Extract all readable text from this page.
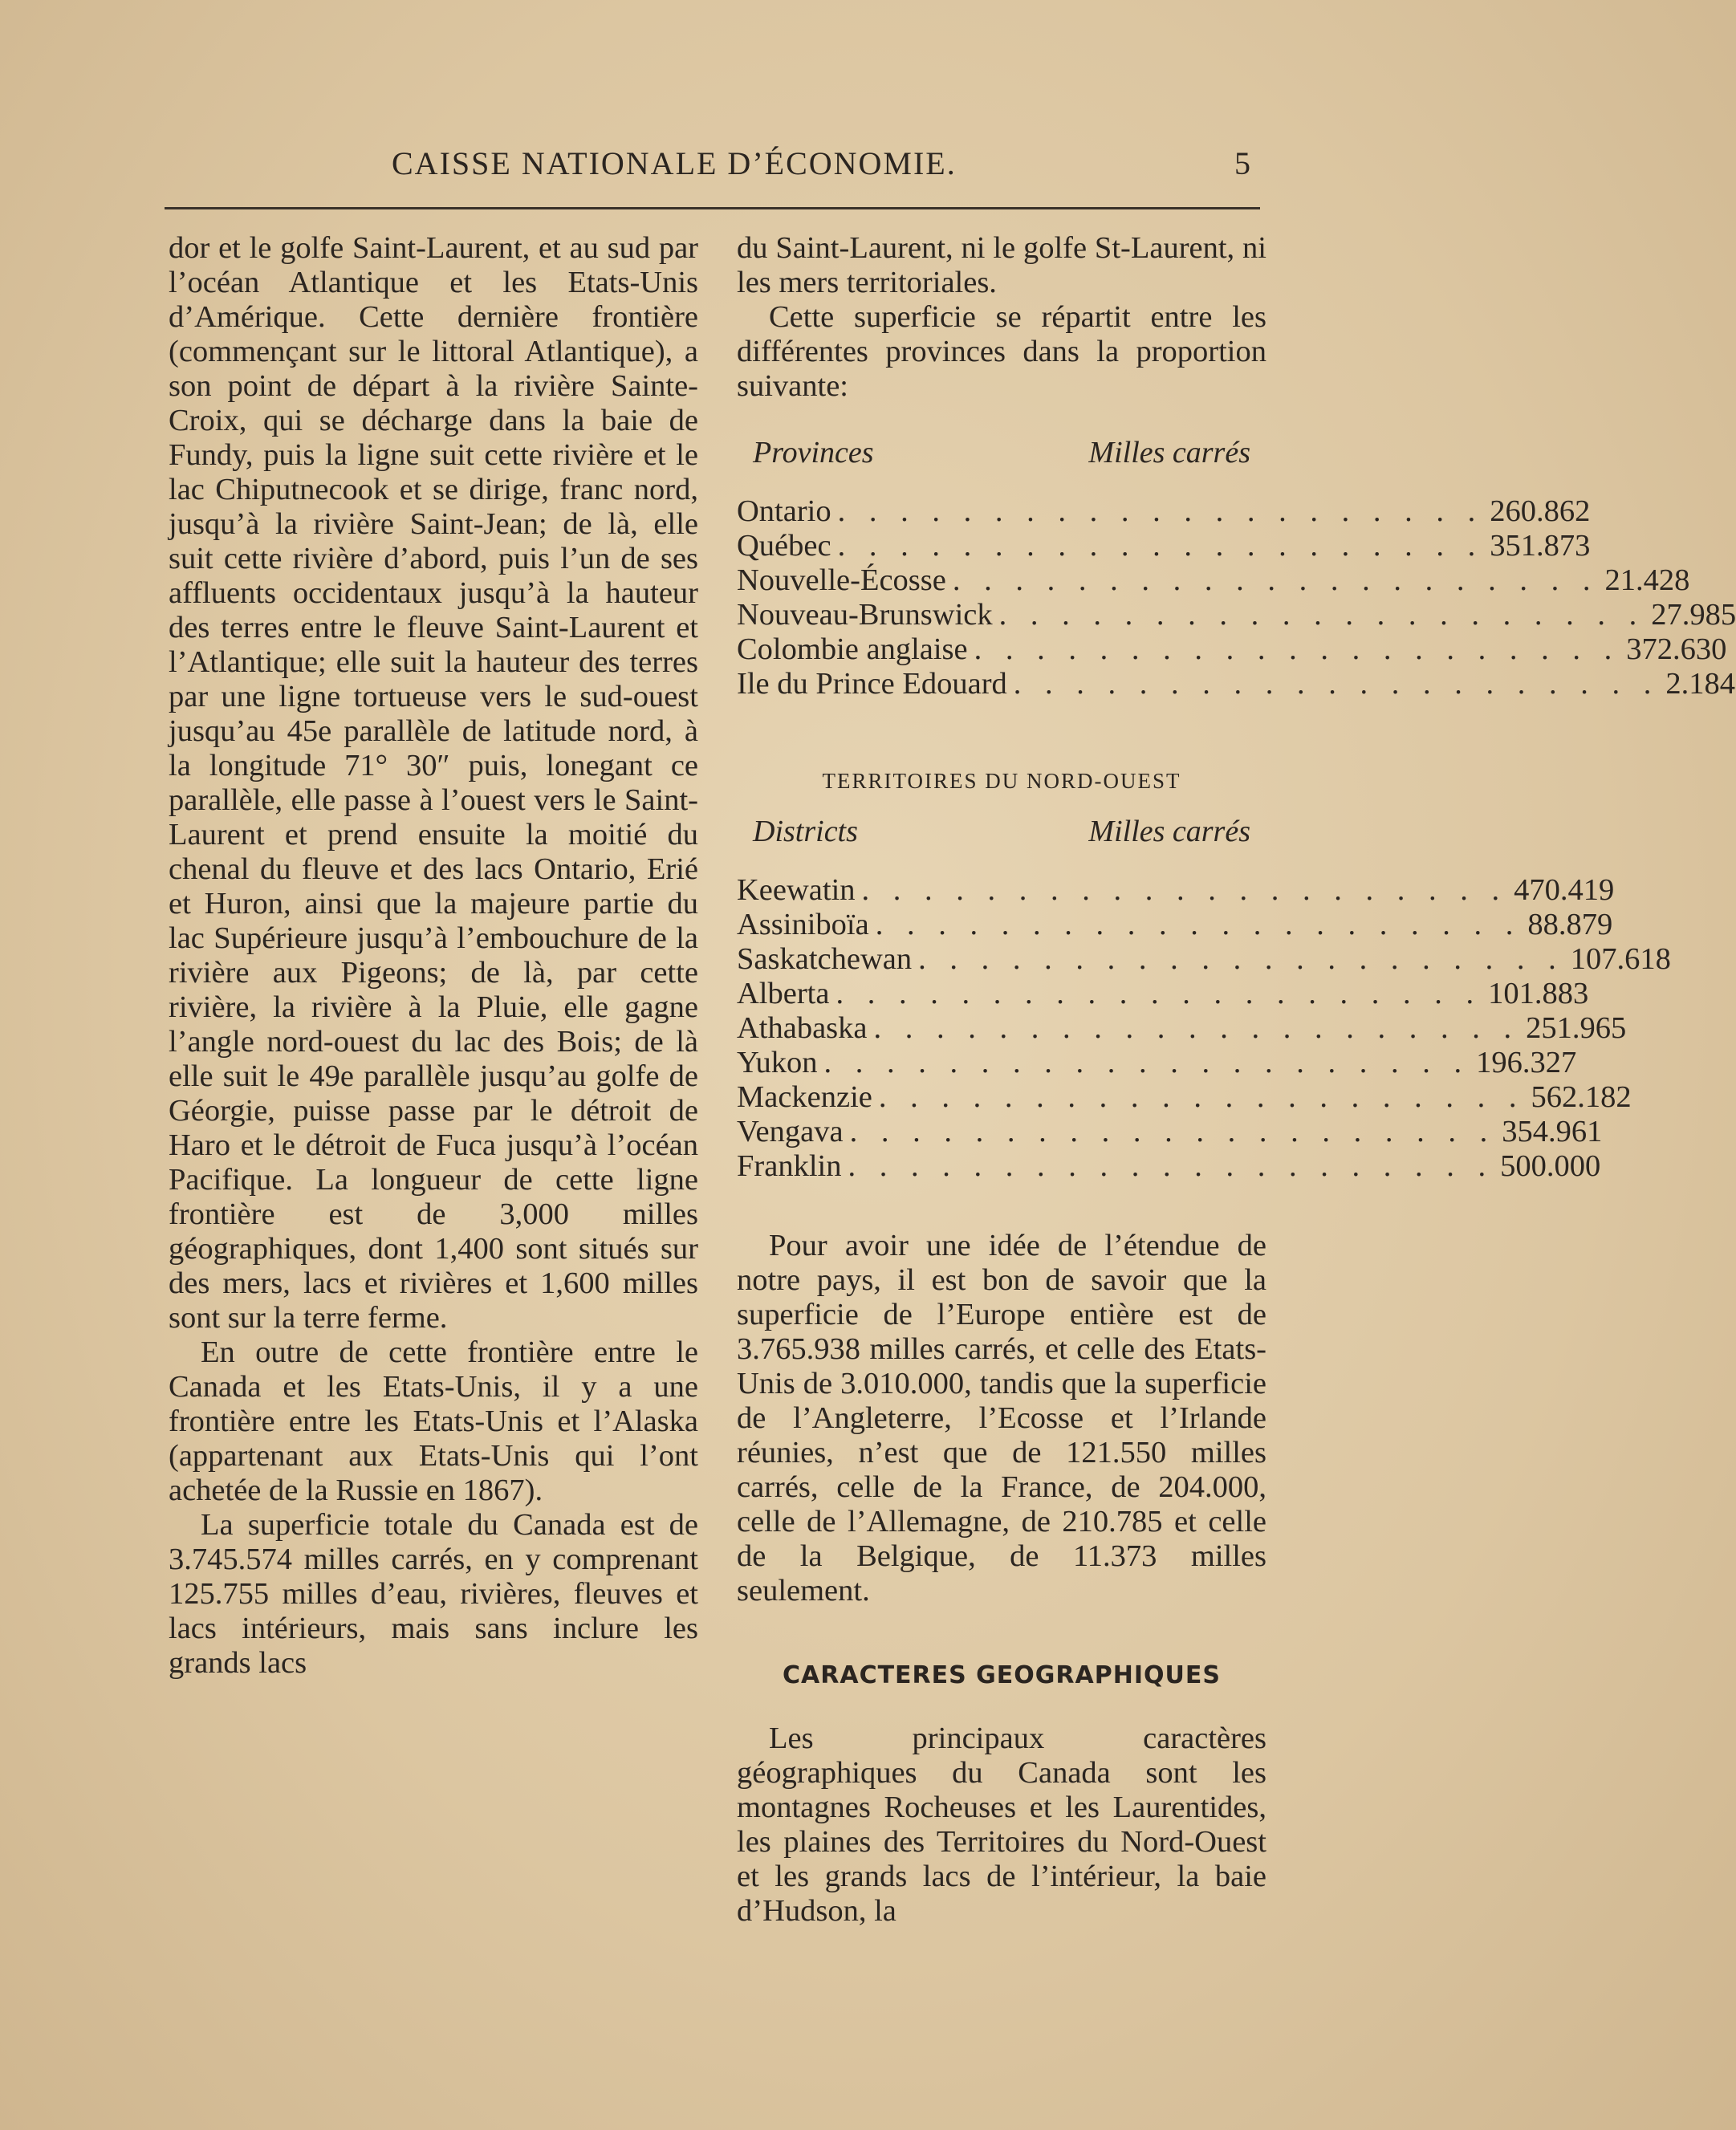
CAISSE NATIONALE D’ÉCONOMIE.	5

dor et le golfe Saint-Laurent, et au sud par l’océan Atlantique et les Etats-Unis d’Amérique. Cette dernière frontière (commençant sur le littoral Atlantique), a son point de départ à la rivière Sainte-Croix, qui se décharge dans la baie de Fundy, puis la ligne suit cette rivière et le lac Chiputnecook et se dirige, franc nord, jusqu’à la rivière Saint-Jean; de là, elle suit cette rivière d’abord, puis l’un de ses affluents occidentaux jusqu’à la hauteur des terres entre le fleuve Saint-Laurent et l’Atlantique; elle suit la hauteur des terres par une ligne tortueuse vers le sud-ouest jusqu’au 45e parallèle de latitude nord, à la longitude 71° 30″ puis, lonegant ce parallèle, elle passe à l’ouest vers le Saint-Laurent et prend ensuite la moitié du chenal du fleuve et des lacs Ontario, Erié et Huron, ainsi que la majeure partie du lac Supérieure jusqu’à l’embouchure de la rivière aux Pigeons; de là, par cette rivière, la rivière à la Pluie, elle gagne l’angle nord-ouest du lac des Bois; de là elle suit le 49e parallèle jusqu’au golfe de Géorgie, puisse passe par le détroit de Haro et le détroit de Fuca jusqu’à l’océan Pacifique. La longueur de cette ligne frontière est de 3,000 milles géographiques, dont 1,400 sont situés sur des mers, lacs et rivières et 1,600 milles sont sur la terre ferme.

En outre de cette frontière entre le Canada et les Etats-Unis, il y a une frontière entre les Etats-Unis et l’Alaska (appartenant aux Etats-Unis qui l’ont achetée de la Russie en 1867).

La superficie totale du Canada est de 3.745.574 milles carrés, en y comprenant 125.755 milles d’eau, rivières, fleuves et lacs intérieurs, mais sans inclure les grands lacs

du Saint-Laurent, ni le golfe St-Laurent, ni les mers territoriales.

Cette superficie se répartit entre les différentes provinces dans la proportion suivante:

Provinces	Milles carrés
Ontario . . . . . . . . . . . . . . . . . . . . . 260.862
Québec . . . . . . . . . . . . . . . . . . . . . 351.873
Nouvelle-Écosse . . . . . . . . . . . . . . . . . . . . . 21.428
Nouveau-Brunswick . . . . . . . . . . . . . . . . . . . . . 27.985
Colombie anglaise . . . . . . . . . . . . . . . . . . . . . 372.630
Ile du Prince Edouard . . . . . . . . . . . . . . . . . . . . . 2.184
TERRITOIRES DU NORD-OUEST
Districts	Milles carrés
Keewatin . . . . . . . . . . . . . . . . . . . . . 470.419
Assiniboïa . . . . . . . . . . . . . . . . . . . . . 88.879
Saskatchewan . . . . . . . . . . . . . . . . . . . . . 107.618
Alberta . . . . . . . . . . . . . . . . . . . . . 101.883
Athabaska . . . . . . . . . . . . . . . . . . . . . 251.965
Yukon . . . . . . . . . . . . . . . . . . . . . 196.327
Mackenzie . . . . . . . . . . . . . . . . . . . . . 562.182
Vengava . . . . . . . . . . . . . . . . . . . . . 354.961
Franklin . . . . . . . . . . . . . . . . . . . . . 500.000

Pour avoir une idée de l’étendue de notre pays, il est bon de savoir que la superficie de l’Europe entière est de 3.765.938 milles carrés, et celle des Etats-Unis de 3.010.000, tandis que la superficie de l’Angleterre, l’Ecosse et l’Irlande réunies, n’est que de 121.550 milles carrés, celle de la France, de 204.000, celle de l’Allemagne, de 210.785 et celle de la Belgique, de 11.373 milles seulement.

CARACTERES GEOGRAPHIQUES

Les principaux caractères géographiques du Canada sont les montagnes Rocheuses et les Laurentides, les plaines des Territoires du Nord-Ouest et les grands lacs de l’intérieur, la baie d’Hudson, la
